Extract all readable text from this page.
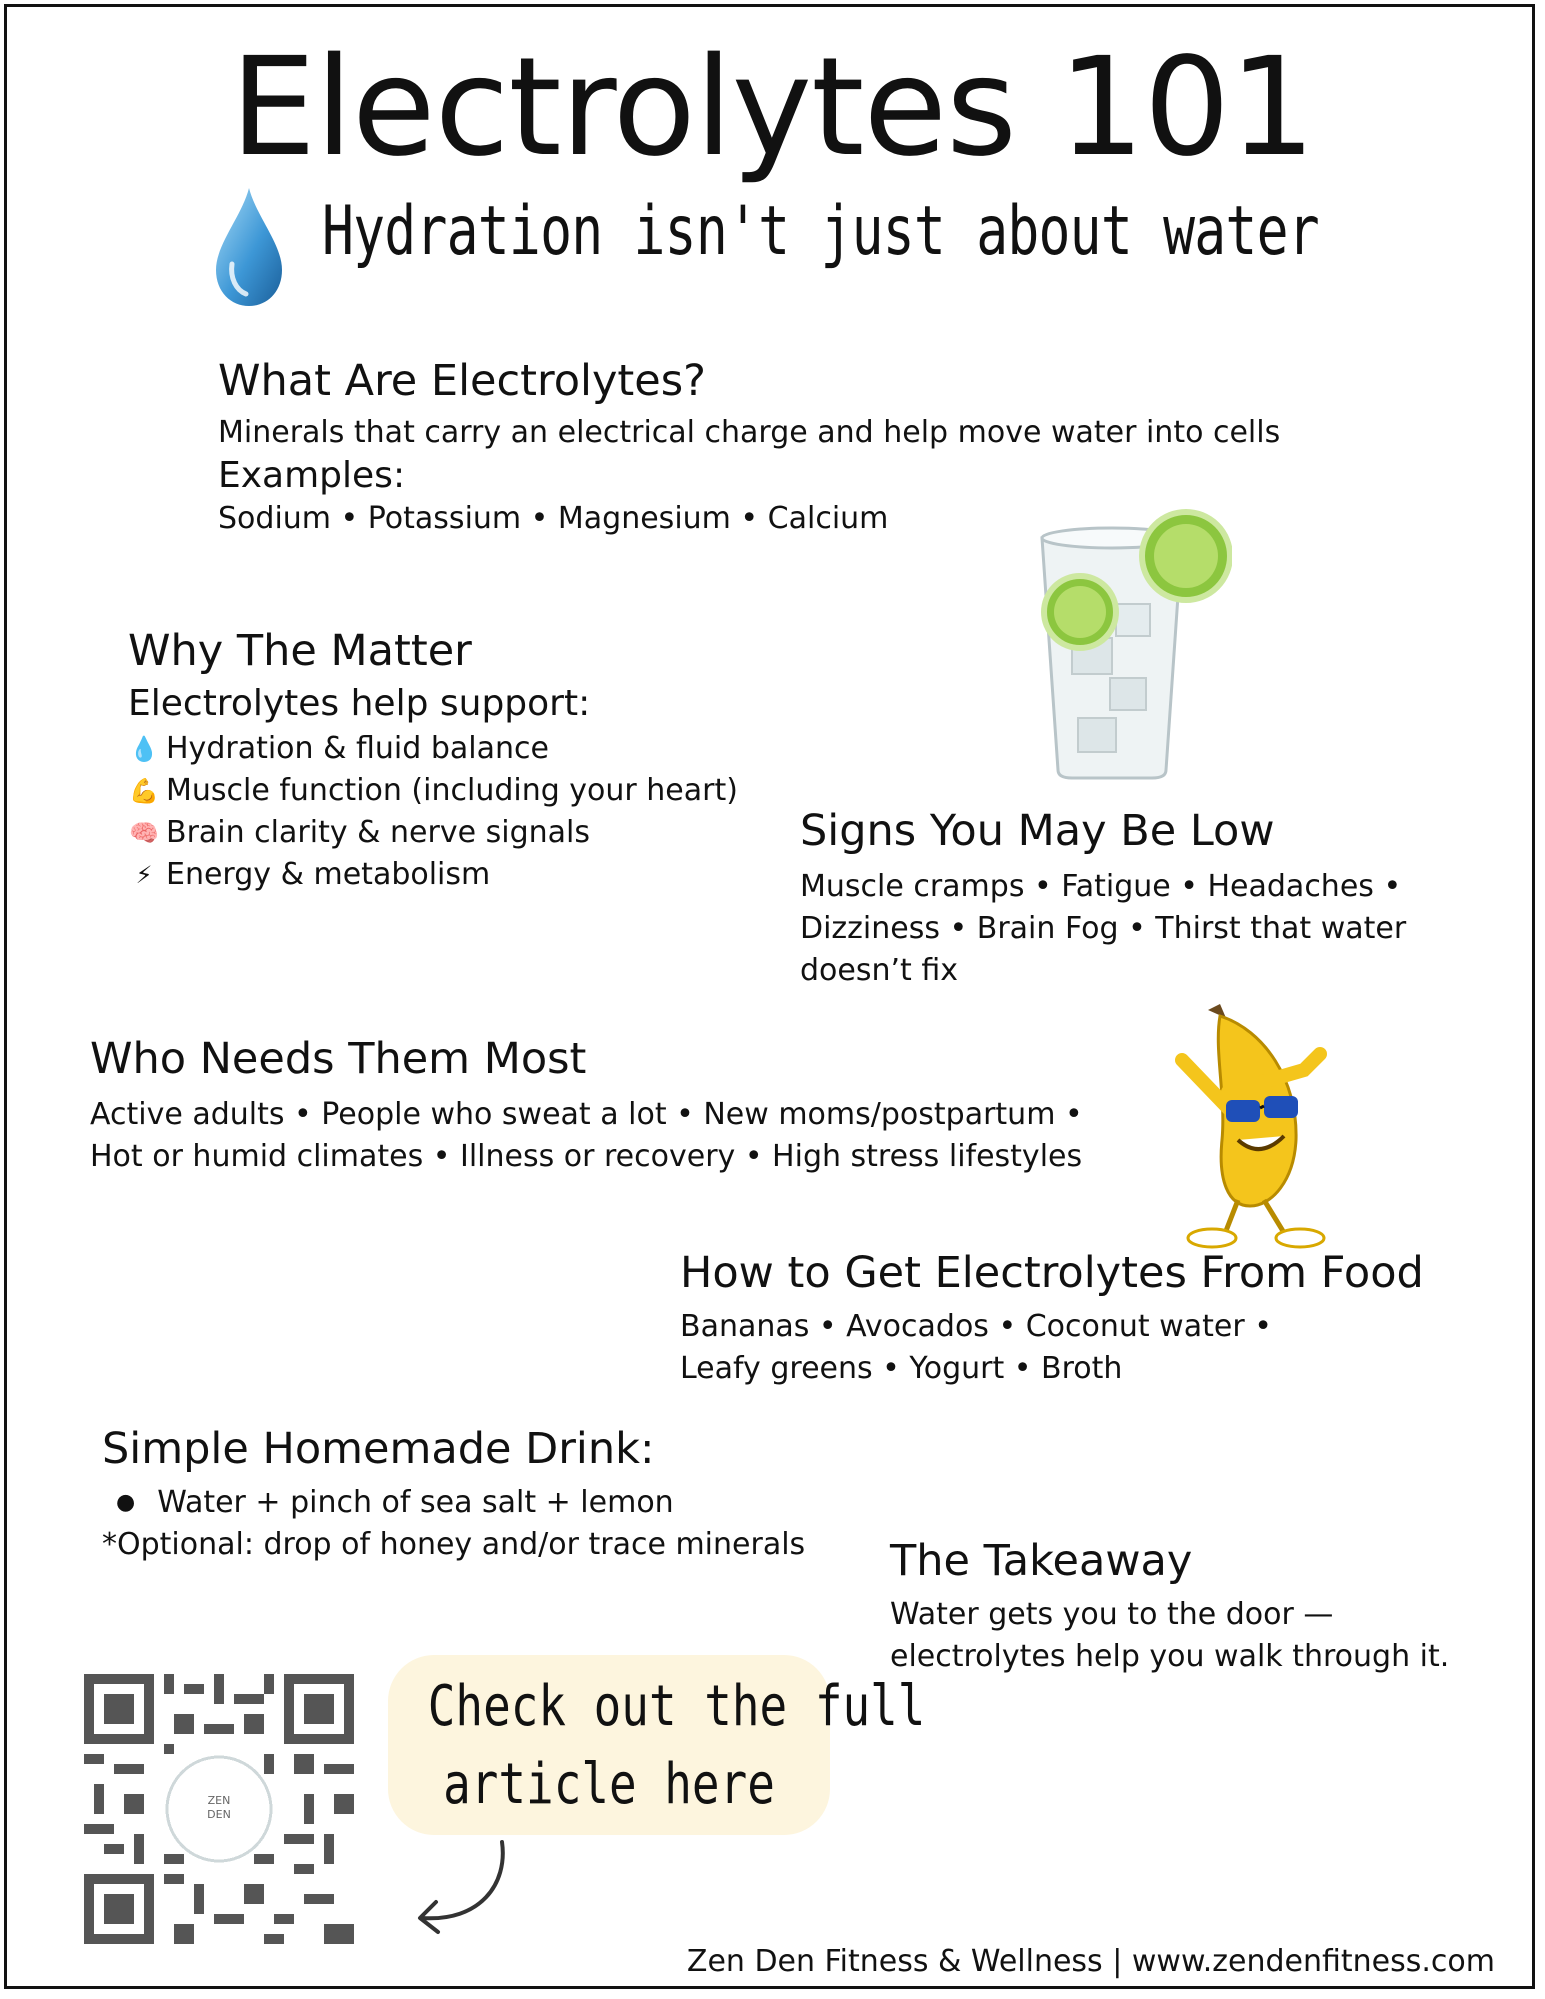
Electrolytes 101
Hydration isn't just about water
What Are Electrolytes?
Minerals that carry an electrical charge and help move water into cells
Examples:
Sodium • Potassium • Magnesium • Calcium
Why The Matter
Electrolytes help support:
💧 Hydration & fluid balance
💪 Muscle function (including your heart)
🧠 Brain clarity & nerve signals
⚡ Energy & metabolism
Signs You May Be Low
Muscle cramps • Fatigue • Headaches •
Dizziness • Brain Fog • Thirst that water
doesn’t fix
Who Needs Them Most
Active adults • People who sweat a lot • New moms/postpartum •
Hot or humid climates • Illness or recovery • High stress lifestyles
How to Get Electrolytes From Food
Bananas • Avocados • Coconut water •
Leafy greens • Yogurt • Broth
Simple Homemade Drink:
● Water + pinch of sea salt + lemon
*Optional: drop of honey and/or trace minerals The Takeaway
Water gets you to the door —
electrolytes help you walk through it.
ZEN
DEN
Check out the full
article here
Zen Den Fitness & Wellness | www.zendenfitness.com
